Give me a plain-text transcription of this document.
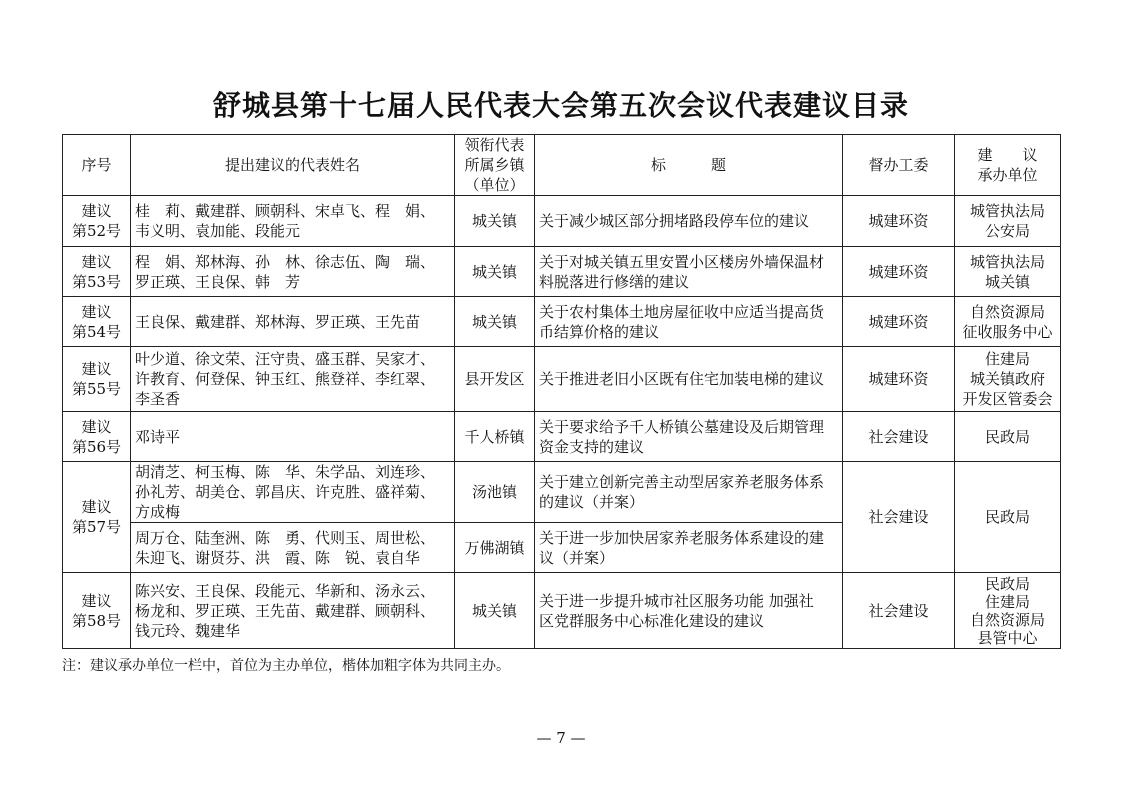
舒城县第十七届人民代表大会第五次会议代表建议目录
序号	提出建议的代表姓名	领衔代表
所属乡镇
（单位）	标　　　题	督办工委	建　　议
承办单位

建议
第52号	桂　莉、戴建群、顾朝科、宋卓飞、程　娟、
韦义明、袁加能、段能元	城关镇	关于减少城区部分拥堵路段停车位的建议	城建环资	城管执法局
公安局

建议
第53号	程　娟、郑林海、孙　林、徐志伍、陶　瑞、
罗正瑛、王良保、韩　芳	城关镇	关于对城关镇五里安置小区楼房外墙保温材
料脱落进行修缮的建议	城建环资	城管执法局
城关镇

建议
第54号	王良保、戴建群、郑林海、罗正瑛、王先苗	城关镇	关于农村集体土地房屋征收中应适当提高货
币结算价格的建议	城建环资	自然资源局
征收服务中心

建议
第55号	叶少道、徐文荣、汪守贵、盛玉群、吴家才、
许教育、何登保、钟玉红、熊登祥、李红翠、
李圣香	县开发区	关于推进老旧小区既有住宅加装电梯的建议	城建环资	住建局
城关镇政府
开发区管委会

建议
第56号	邓诗平	千人桥镇	关于要求给予千人桥镇公墓建设及后期管理
资金支持的建议	社会建设	民政局

建议
第57号	胡清芝、柯玉梅、陈　华、朱学品、刘连珍、
孙礼芳、胡美仓、郭昌庆、许克胜、盛祥菊、
方成梅	汤池镇	关于建立创新完善主动型居家养老服务体系
的建议（并案）	社会建设	民政局

	周万仓、陆奎洲、陈　勇、代则玉、周世松、
朱迎飞、谢贤芬、洪　霞、陈　锐、袁自华	万佛湖镇	关于进一步加快居家养老服务体系建设的建
议（并案）		

建议
第58号	陈兴安、王良保、段能元、华新和、汤永云、
杨龙和、罗正瑛、王先苗、戴建群、顾朝科、
钱元玲、魏建华	城关镇	关于进一步提升城市社区服务功能 加强社
区党群服务中心标准化建设的建议	社会建设	民政局
住建局
自然资源局
县管中心
注：建议承办单位一栏中，首位为主办单位，楷体加粗字体为共同主办。
— 7 —
